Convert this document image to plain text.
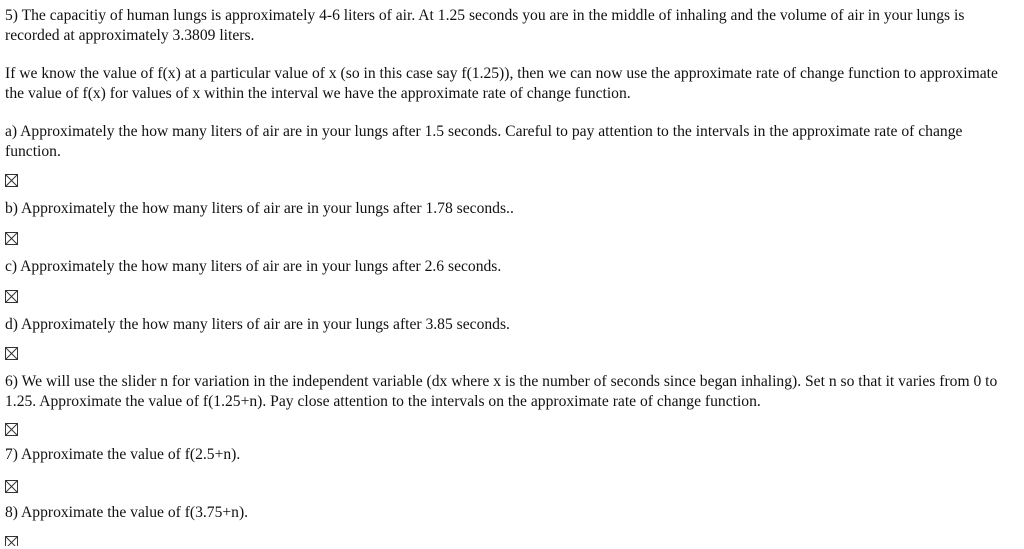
5) The capacitiy of human lungs is approximately 4-6 liters of air. At 1.25 seconds you are in the middle of inhaling and the volume of air in your lungs is recorded at approximately 3.3809 liters.

If we know the value of f(x) at a particular value of x (so in this case say f(1.25)), then we can now use the approximate rate of change function to approximate the value of f(x) for values of x within the interval we have the approximate rate of change function.

a) Approximately the how many liters of air are in your lungs after 1.5 seconds. Careful to pay attention to the intervals in the approximate rate of change function.

b) Approximately the how many liters of air are in your lungs after 1.78 seconds..

c) Approximately the how many liters of air are in your lungs after 2.6 seconds.

d) Approximately the how many liters of air are in your lungs after 3.85 seconds.

6) We will use the slider n for variation in the independent variable (dx where x is the number of seconds since began inhaling). Set n so that it varies from 0 to 1.25. Approximate the value of f(1.25+n). Pay close attention to the intervals on the approximate rate of change function.

7) Approximate the value of f(2.5+n).

8) Approximate the value of f(3.75+n).
